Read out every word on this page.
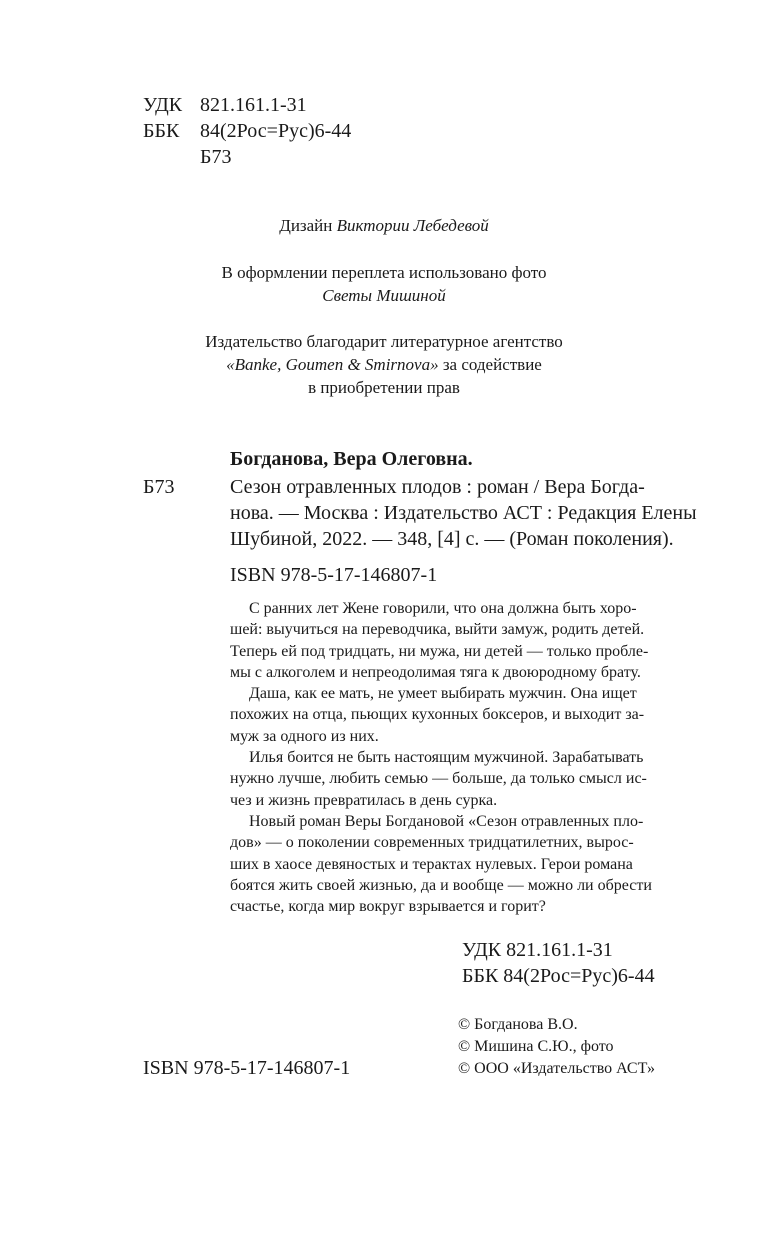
УДК 821.161.1-31
ББК	84(2Рос=Рус)6-44
Б73
Дизайн Виктории Лебедевой
В оформлении переплета использовано фото
Светы Мишиной
Издательство благодарит литературное агентство
«Banke, Goumen & Smirnova» за содействие
в приобретении прав
Богданова, Вера Олеговна.
Б73	Сезон отравленных плодов : роман / Вера Богда-
нова. — Москва : Издательство АСТ : Редакция Елены
Шубиной, 2022. — 348, [4] с. — (Роман поколения).
ISBN 978-5-17-146807-1
С ранних лет Жене говорили, что она должна быть хоро-
шей: выучиться на переводчика, выйти замуж, родить детей.
Теперь ей под тридцать, ни мужа, ни детей — только пробле-
мы с алкоголем и непреодолимая тяга к двоюродному брату.
Даша, как ее мать, не умеет выбирать мужчин. Она ищет
похожих на отца, пьющих кухонных боксеров, и выходит за-
муж за одного из них.
Илья боится не быть настоящим мужчиной. Зарабатывать
нужно лучше, любить семью — больше, да только смысл ис-
чез и жизнь превратилась в день сурка.
Новый роман Веры Богдановой «Сезон отравленных пло-
дов» — о поколении современных тридцатилетних, вырос-
ших в хаосе девяностых и терактах нулевых. Герои романа
боятся жить своей жизнью, да и вообще — можно ли обрести
счастье, когда мир вокруг взрывается и горит?
УДК 821.161.1-31
ББК 84(2Рос=Рус)6-44
© Богданова В.О.
© Мишина С.Ю., фото
© ООО «Издательство АСТ»
ISBN 978-5-17-146807-1
